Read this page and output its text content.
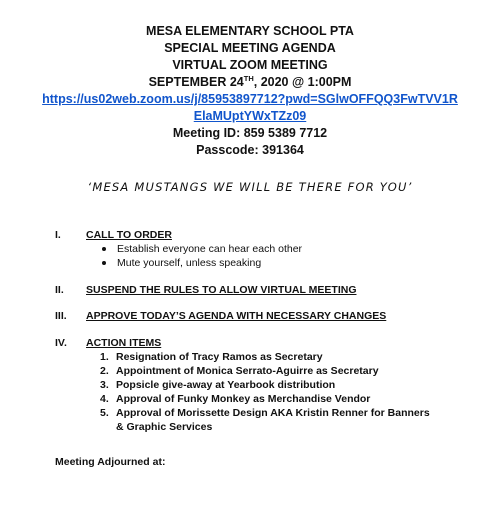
MESA ELEMENTARY SCHOOL PTA
SPECIAL MEETING AGENDA
VIRTUAL ZOOM MEETING
SEPTEMBER 24TH, 2020 @ 1:00PM
https://us02web.zoom.us/j/85953897712?pwd=SGlwOFFQQ3FwTVV1R
ElaMUptYWxTZz09
Meeting ID: 859 5389 7712
Passcode: 391364
‘MESA MUSTANGS WE WILL BE THERE FOR YOU’
I. CALL TO ORDER
Establish everyone can hear each other
Mute yourself, unless speaking
II. SUSPEND THE RULES TO ALLOW VIRTUAL MEETING
III. APPROVE TODAY’S AGENDA WITH NECESSARY CHANGES
IV. ACTION ITEMS
1. Resignation of Tracy Ramos as Secretary
2. Appointment of Monica Serrato-Aguirre as Secretary
3. Popsicle give-away at Yearbook distribution
4. Approval of Funky Monkey as Merchandise Vendor
5. Approval of Morissette Design AKA Kristin Renner for Banners & Graphic Services
Meeting Adjourned at:
